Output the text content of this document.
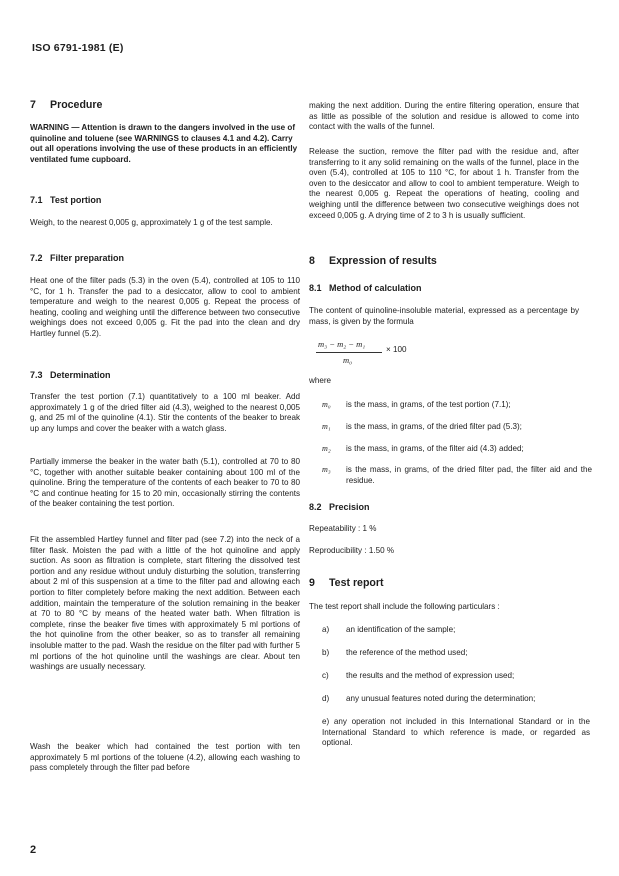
ISO 6791-1981 (E)
7 Procedure
WARNING — Attention is drawn to the dangers involved in the use of quinoline and toluene (see WARNINGS to clauses 4.1 and 4.2). Carry out all operations involving the use of these products in an efficiently ventilated fume cupboard.
7.1 Test portion

Weigh, to the nearest 0,005 g, approximately 1 g of the test sample.

7.2 Filter preparation

Heat one of the filter pads (5.3) in the oven (5.4), controlled at 105 to 110 °C, for 1 h. Transfer the pad to a desiccator, allow to cool to ambient temperature and weigh to the nearest 0,005 g. Repeat the process of heating, cooling and weighing until the difference between two consecutive weighings does not exceed 0,005 g. Fit the pad into the clean and dry Hartley funnel (5.2).

7.3 Determination

Transfer the test portion (7.1) quantitatively to a 100 ml beaker. Add approximately 1 g of the dried filter aid (4.3), weighed to the nearest 0,005 g, and 25 ml of the quinoline (4.1). Stir the contents of the beaker to break up any lumps and cover the beaker with a watch glass.

Partially immerse the beaker in the water bath (5.1), controlled at 70 to 80 °C, together with another suitable beaker containing about 100 ml of the quinoline. Bring the temperature of the contents of each beaker to 70 to 80 °C and continue heating for 15 to 20 min, occasionally stirring the contents of the beaker containing the test portion.

Fit the assembled Hartley funnel and filter pad (see 7.2) into the neck of a filter flask. Moisten the pad with a little of the hot quinoline and apply suction. As soon as filtration is complete, start filtering the dissolved test portion and any residue without unduly disturbing the solution, transferring about 2 ml of this suspension at a time to the filter pad and allowing each portion to filter completely before making the next addition. Between each addition, maintain the temperature of the solution remaining in the beaker at 70 to 80 °C by means of the heated water bath. When filtration is complete, rinse the beaker five times with approximately 5 ml portions of the hot quinoline from the other beaker, so as to transfer all remaining insoluble matter to the pad. Wash the residue on the filter pad with further 5 ml portions of the hot quinoline until the washings are clear. About ten washings are usually necessary.

Wash the beaker which had contained the test portion with ten approximately 5 ml portions of the toluene (4.2), allowing each washing to pass completely through the filter pad before

making the next addition. During the entire filtering operation, ensure that as little as possible of the solution and residue is allowed to come into contact with the walls of the funnel.

Release the suction, remove the filter pad with the residue and, after transferring to it any solid remaining on the walls of the funnel, place in the oven (5.4), controlled at 105 to 110 °C, for about 1 h. Transfer from the oven to the desiccator and allow to cool to ambient temperature. Weigh to the nearest 0,005 g. Repeat the operations of heating, cooling and weighing until the difference between two consecutive weighings does not exceed 0,005 g. A drying time of 2 to 3 h is usually sufficient.

8 Expression of results
8.1 Method of calculation

The content of quinoline-insoluble material, expressed as a percentage by mass, is given by the formula

m₃ − m₂ − m₁
× 100
m₀

where

m₀	is the mass, in grams, of the test portion (7.1);
m₁	is the mass, in grams, of the dried filter pad (5.3);
m₂	is the mass, in grams, of the filter aid (4.3) added;
m₃	is the mass, in grams, of the dried filter pad, the filter aid and the residue.
8.2 Precision

Repeatability : 1 %

Reproducibility : 1.50 %

9 Test report

The test report shall include the following particulars :

a)	an identification of the sample;
b)	the reference of the method used;
c)	the results and the method of expression used;
d)	any unusual features noted during the determination;

e) any operation not included in this International Standard or in the International Standard to which reference is made, or regarded as optional.

2
